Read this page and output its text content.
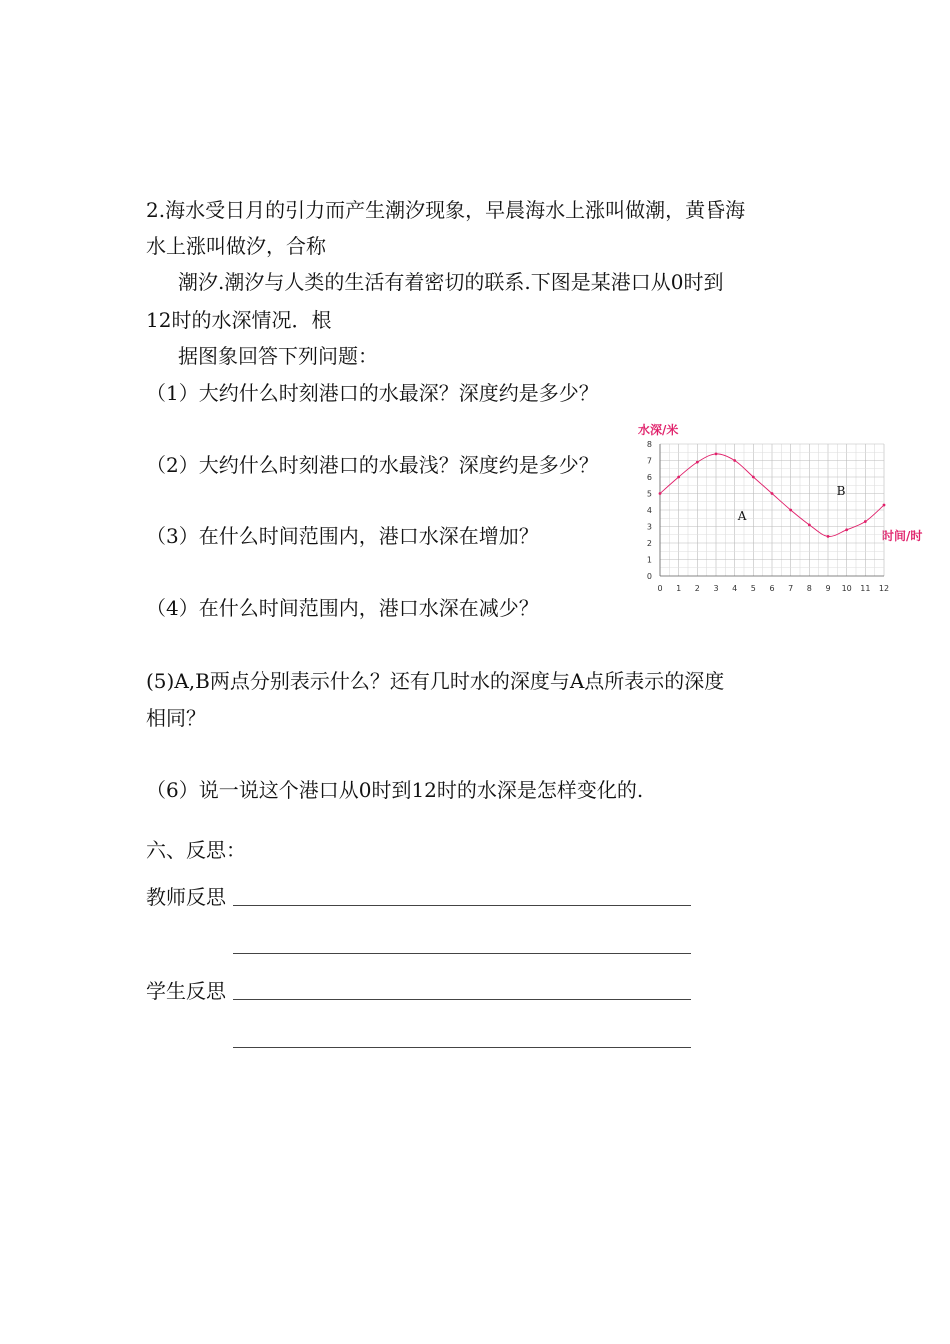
2.海水受日月的引力而产生潮汐现象，早晨海水上涨叫做潮，黄昏海
水上涨叫做汐，合称
潮汐.潮汐与人类的生活有着密切的联系.下图是某港口从0时到
12时的水深情况．根
据图象回答下列问题：
（1）大约什么时刻港口的水最深？深度约是多少？
（2）大约什么时刻港口的水最浅？深度约是多少？
（3）在什么时间范围内，港口水深在增加？
（4）在什么时间范围内，港口水深在减少？
(5)A,B两点分别表示什么？还有几时水的深度与A点所表示的深度
相同？
（6）说一说这个港口从0时到12时的水深是怎样变化的.
六、反思：
教师反思
学生反思
水深/米
时间/时
0 1 2 3 4 5 6 7 8 9 10 11 12
0
1
2
3
4
5
6
7
8
A
B
